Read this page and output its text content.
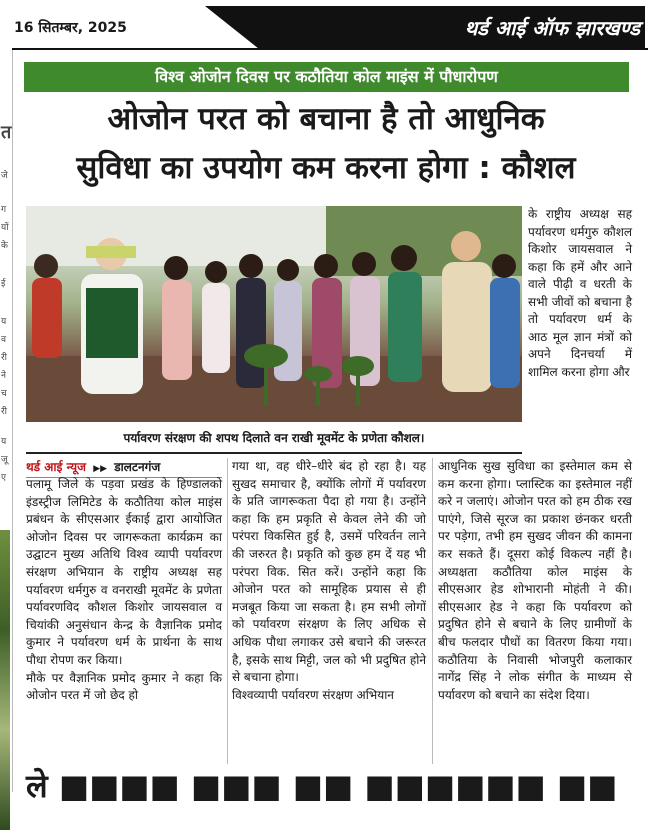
त
जे
ग
यों
के
ई
य
व
री
ने
च
री
य
जू
ए
16 सितम्बर, 2025	थर्ड आई ऑफ झारखण्ड
विश्व ओजोन दिवस पर कठौतिया कोल माइंस में पौधारोपण
ओजोन परत को बचाना है तो आधुनिक
सुविधा का उपयोग कम करना होगा : कौशल
पर्यावरण संरक्षण की शपथ दिलाते वन राखी मूवमेंट के प्रणेता कौशल।
के राष्ट्रीय अध्यक्ष सह पर्यावरण धर्मगुरु कौशल किशोर जायसवाल ने कहा कि हमें और आने वाले पीढ़ी व धरती के सभी जीवों को बचाना है तो पर्यावरण धर्म के आठ मूल ज्ञान मंत्रों को अपने दिनचर्या में शामिल करना होगा और
थर्ड आई न्यूज ▶▶ डालटनगंज

पलामू जिले के पड़वा प्रखंड के हिण्डालको इंडस्ट्रीज लिमिटेड के कठौतिया कोल माइंस प्रबंधन के सीएसआर ईकाई द्वारा आयोजित ओजोन दिवस पर जागरूकता कार्यक्रम का उद्घाटन मुख्य अतिथि विश्व व्यापी पर्यावरण संरक्षण अभियान के राष्ट्रीय अध्यक्ष सह पर्यावरण धर्मगुरु व वनराखी मूवमेंट के प्रणेता पर्यावरणविद कौशल किशोर जायसवाल व चियांकी अनुसंधान केन्द्र के वैज्ञानिक प्रमोद कुमार ने पर्यावरण धर्म के प्रार्थना के साथ पौधा रोपण कर किया।

मौके पर वैज्ञानिक प्रमोद कुमार ने कहा कि ओजोन परत में जो छेद हो

गया था, वह धीरे–धीरे बंद हो रहा है। यह सुखद समाचार है, क्योंकि लोगों में पर्यावरण के प्रति जागरूकता पैदा हो गया है। उन्होंने कहा कि हम प्रकृति से केवल लेने की जो परंपरा विकसित हुई है, उसमें परिवर्तन लाने की जरुरत है। प्रकृति को कुछ हम दें यह भी परंपरा विक. सित करें। उन्होंने कहा कि ओजोन परत को सामूहिक प्रयास से ही मजबूत किया जा सकता है। हम सभी लोगों को पर्यावरण संरक्षण के लिए अधिक से अधिक पौधा लगाकर उसे बचाने की जरूरत है, इसके साथ मिट्टी, जल को भी प्रदुषित होने से बचाना होगा।

विश्वव्यापी पर्यावरण संरक्षण अभियान

आधुनिक सुख सुविधा का इस्तेमाल कम से कम करना होगा। प्लास्टिक का इस्तेमाल नहीं करे न जलाएं। ओजोन परत को हम ठीक रख पाएंगे, जिसे सूरज का प्रकाश छंनकर धरती पर पड़ेगा, तभी हम सुखद जीवन की कामना कर सकते हैं। दूसरा कोई विकल्प नहीं है। अध्यक्षता कठौतिया कोल माइंस के सीएसआर हेड शोभारानी मोहंती ने की। सीएसआर हेड ने कहा कि पर्यावरण को प्रदुषित होने से बचाने के लिए ग्रामीणों के बीच फलदार पौधों का वितरण किया गया। कठौतिया के निवासी भोजपुरी कलाकार नागेंद्र सिंह ने लोक संगीत के माध्यम से पर्यावरण को बचाने का संदेश दिया।

ले ■■■■ ■■■ ■■ ■■■■■■ ■■
